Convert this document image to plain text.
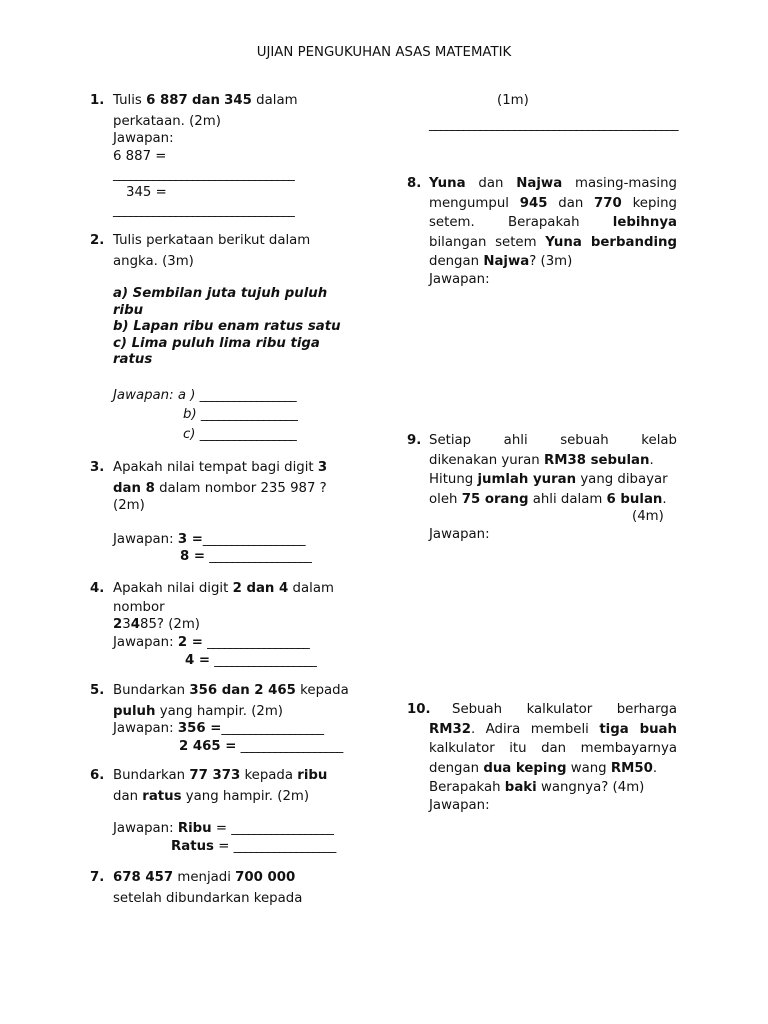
UJIAN PENGUKUHAN ASAS MATEMATIK
1. Tulis 6 887 dan 345 dalam
perkataan. (2m)
Jawapan:
6 887 =
________________________________
345 =
________________________________
2. Tulis perkataan berikut dalam
angka. (3m)
a) Sembilan juta tujuh puluh
ribu
b) Lapan ribu enam ratus satu
c) Lima puluh lima ribu tiga
ratus
Jawapan: a ) _________________
b) _________________
c) _________________
3. Apakah nilai tempat bagi digit 3
dan 8 dalam nombor 235 987 ?
(2m)
Jawapan: 3 =__________________
8 = __________________
4. Apakah nilai digit 2 dan 4 dalam
nombor
23485? (2m)
Jawapan: 2 = __________________
4 = __________________
5. Bundarkan 356 dan 2 465 kepada
puluh yang hampir. (2m)
Jawapan: 356 =__________________
2 465 = __________________
6. Bundarkan 77 373 kepada ribu
dan ratus yang hampir. (2m)
Jawapan: Ribu = __________________
Ratus = __________________
7. 678 457 menjadi 700 000
setelah dibundarkan kepada
(1m)
____________________________________________
8. Yuna dan Najwa masing-masing
mengumpul 945 dan 770 keping
setem.	Berapakah	lebihnya
bilangan setem Yuna berbanding
dengan Najwa? (3m)
Jawapan:
9. Setiap ahli sebuah kelab
dikenakan yuran RM38 sebulan.
Hitung jumlah yuran yang dibayar
oleh 75 orang ahli dalam 6 bulan.
(4m)
Jawapan:
10.	Sebuah kalkulator berharga
RM32. Adira membeli tiga buah
kalkulator itu dan membayarnya
dengan dua keping wang RM50.
Berapakah baki wangnya? (4m)
Jawapan:
